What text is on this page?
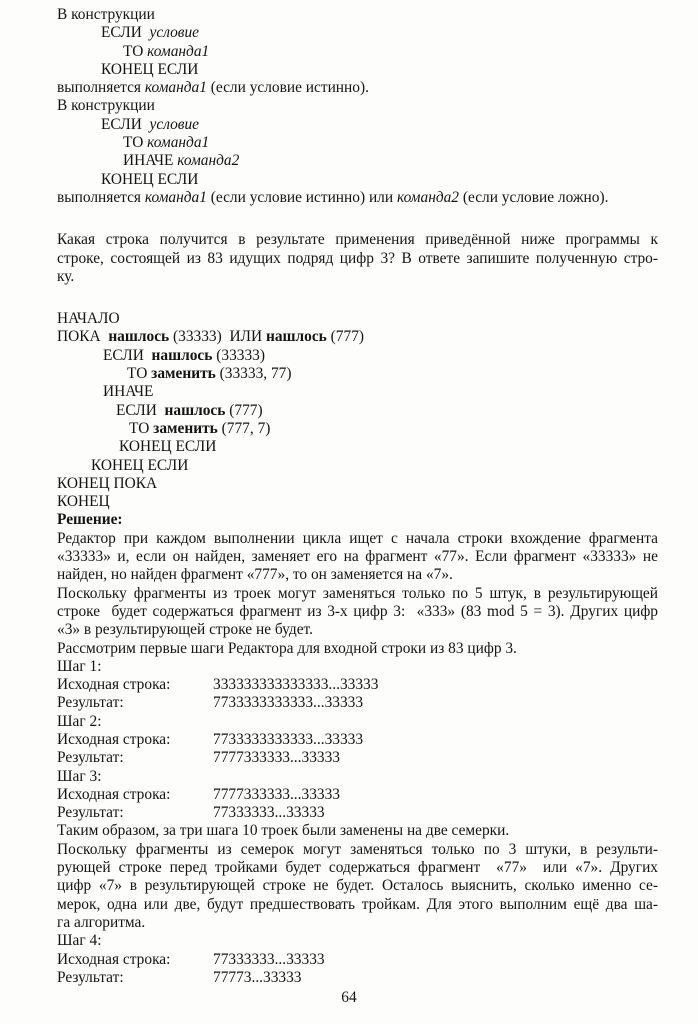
В конструкции
ЕСЛИ  условие
ТО команда1
КОНЕЦ ЕСЛИ
выполняется команда1 (если условие истинно).
В конструкции
ЕСЛИ  условие
ТО команда1
ИНАЧЕ команда2
КОНЕЦ ЕСЛИ
выполняется команда1 (если условие истинно) или команда2 (если условие ложно).
Какая строка получится в результате применения приведённой ниже программы к
строке, состоящей из 83 идущих подряд цифр 3? В ответе запишите полученную стро-
ку.
НАЧАЛО
ПОКА  нашлось (33333)  ИЛИ нашлось (777)
ЕСЛИ  нашлось (33333)
ТО заменить (33333, 77)
ИНАЧЕ
ЕСЛИ  нашлось (777)
ТО заменить (777, 7)
КОНЕЦ ЕСЛИ
КОНЕЦ ЕСЛИ
КОНЕЦ ПОКА
КОНЕЦ
Решение:
Редактор при каждом выполнении цикла ищет с начала строки вхождение фрагмента
«33333» и, если он найден, заменяет его на фрагмент «77». Если фрагмент «33333» не
найден, но найден фрагмент «777», то он заменяется на «7».
Поскольку фрагменты из троек могут заменяться только по 5 штук, в результирующей
строке  будет содержаться фрагмент из 3-х цифр 3:  «333» (83 mod 5 = 3). Других цифр
«3» в результирующей строке не будет.
Рассмотрим первые шаги Редактора для входной строки из 83 цифр 3.
Шаг 1:
Исходная строка:	333333333333333...33333
Результат:	7733333333333...33333
Шаг 2:
Исходная строка:	7733333333333...33333
Результат:	7777333333...33333
Шаг 3:
Исходная строка:	7777333333...33333
Результат:	77333333...33333
Таким образом, за три шага 10 троек были заменены на две семерки.
Поскольку фрагменты из семерок могут заменяться только по 3 штуки, в результи-
рующей строке перед тройками будет содержаться фрагмент  «77»  или «7». Других
цифр «7» в результирующей строке не будет. Осталось выяснить, сколько именно се-
мерок, одна или две, будут предшествовать тройкам. Для этого выполним ещё два ша-
га алгоритма.
Шаг 4:
Исходная строка:	77333333...33333
Результат:	77773...33333
64
